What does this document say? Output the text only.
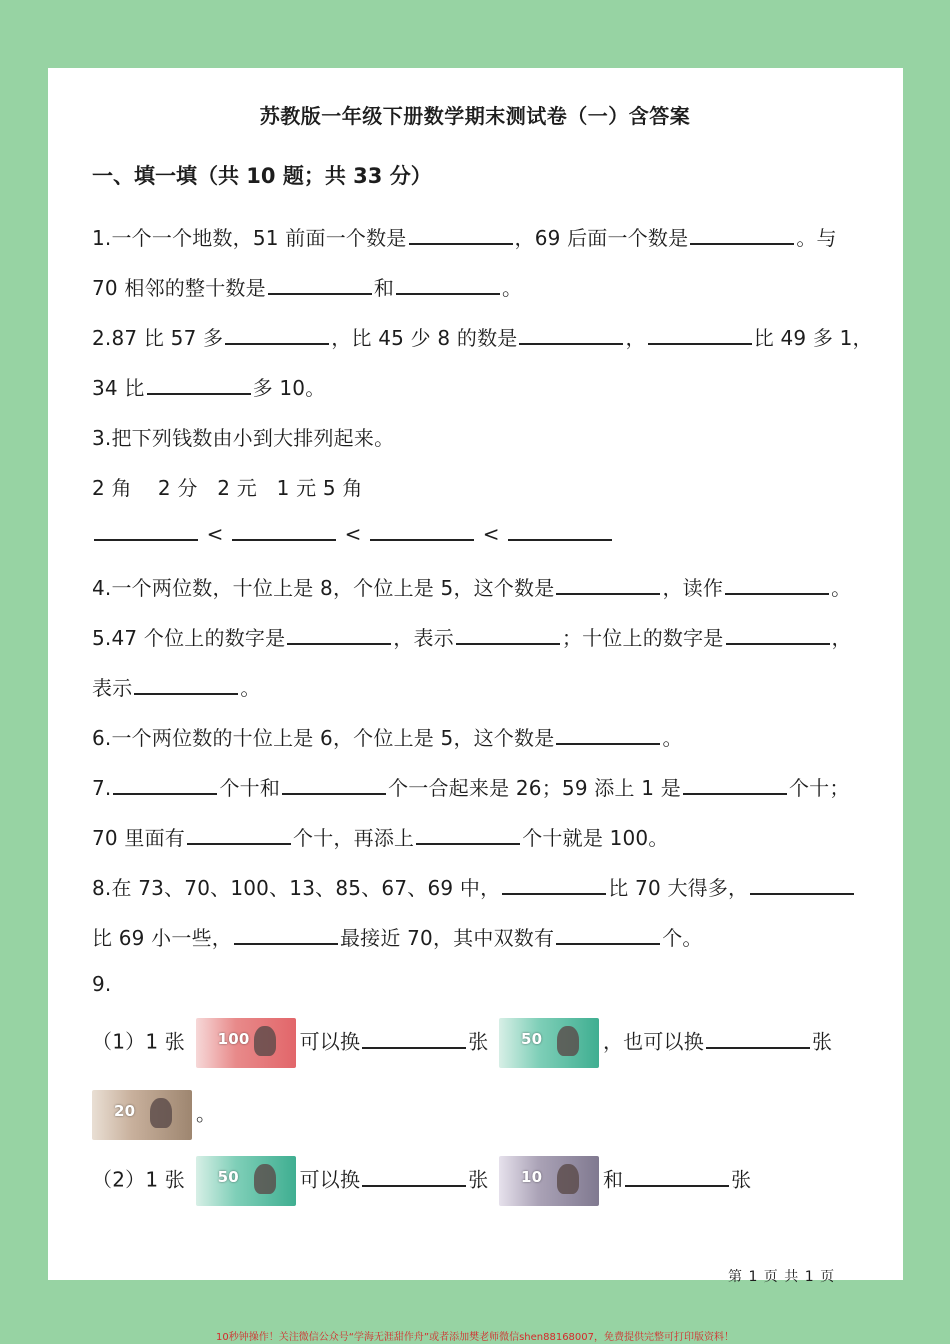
苏教版一年级下册数学期末测试卷（一）含答案
一、填一填（共 10 题；共 33 分）
1.一个一个地数，51 前面一个数是	，69 后面一个数是	。与
70 相邻的整十数是	和	。
2.87 比 57 多	，比 45 少 8 的数是	，	比 49 多 1，
34 比	多 10。
3.把下列钱数由小到大排列起来。
2 角    2 分   2 元   1 元 5 角
<	<	<
4.一个两位数，十位上是 8，个位上是 5，这个数是	，读作	。
5.47 个位上的数字是	，表示	；十位上的数字是	，
表示	。
6.一个两位数的十位上是 6，个位上是 5，这个数是	。
7.	个十和	个一合起来是 26；59 添上 1 是	个十；
70 里面有	个十，再添上	个十就是 100。
8.在 73、70、100、13、85、67、69 中，	比 70 大得多，
比 69 小一些，	最接近 70，其中双数有	个。
9.
（1）1 张 100	可以换	张 50	，也可以换	张
20	。
（2）1 张 50	可以换	张 10	和	张
第 1 页 共 1 页
10秒钟操作！关注微信公众号“学海无涯甜作舟”或者添加樊老师微信shen88168007，免费提供完整可打印版资料！
